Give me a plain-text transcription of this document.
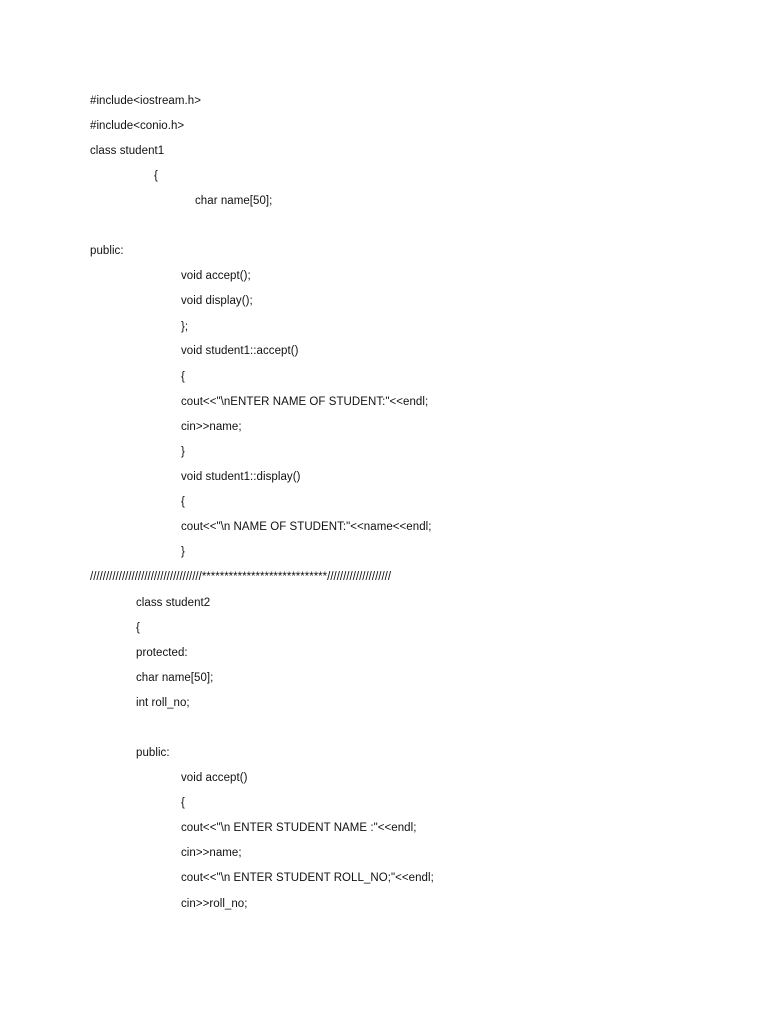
#include<iostream.h>
#include<conio.h>
class student1
{
char name[50];
public:
void accept();
void display();
};
void student1::accept()
{
cout<<"\nENTER NAME OF STUDENT:"<<endl;
cin>>name;
}
void student1::display()
{
cout<<"\n NAME OF STUDENT:"<<name<<endl;
}
///////////////////////////////////****************************////////////////////
class student2
{
protected:
char name[50];
int roll_no;
public:
void accept()
{
cout<<"\n ENTER STUDENT NAME :"<<endl;
cin>>name;
cout<<"\n ENTER STUDENT ROLL_NO;"<<endl;
cin>>roll_no;
